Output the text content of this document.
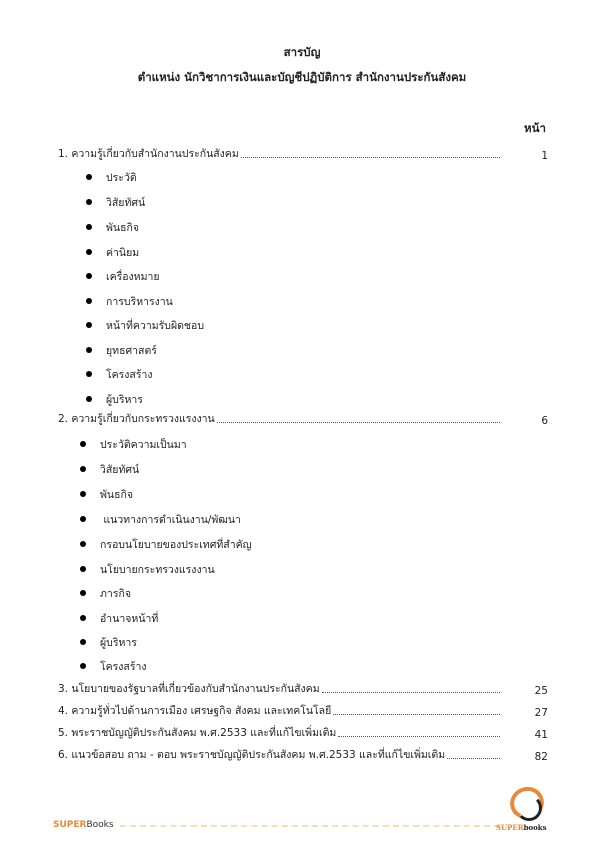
สารบัญ
ตำแหน่ง นักวิชาการเงินและบัญชีปฏิบัติการ สำนักงานประกันสังคม
หน้า
1. ความรู้เกี่ยวกับสำนักงานประกันสังคม	1
ประวัติ
วิสัยทัศน์
พันธกิจ
ค่านิยม
เครื่องหมาย
การบริหารงาน
หน้าที่ความรับผิดชอบ
ยุทธศาสตร์
โครงสร้าง
ผู้บริหาร
2. ความรู้เกี่ยวกับกระทรวงแรงงาน	6
ประวัติความเป็นมา
วิสัยทัศน์
พันธกิจ
แนวทางการดำเนินงาน/พัฒนา
กรอบนโยบายของประเทศที่สำคัญ
นโยบายกระทรวงแรงงาน
ภารกิจ
อำนาจหน้าที่
ผู้บริหาร
โครงสร้าง
3. นโยบายของรัฐบาลที่เกี่ยวข้องกับสำนักงานประกันสังคม	25
4. ความรู้ทั่วไปด้านการเมือง เศรษฐกิจ สังคม และเทคโนโลยี	27
5. พระราชบัญญัติประกันสังคม พ.ศ.2533 และที่แก้ไขเพิ่มเติม	41
6. แนวข้อสอบ ถาม - ตอบ พระราชบัญญัติประกันสังคม พ.ศ.2533 และที่แก้ไขเพิ่มเติม	82
SUPERBooks	SUPERbooks
